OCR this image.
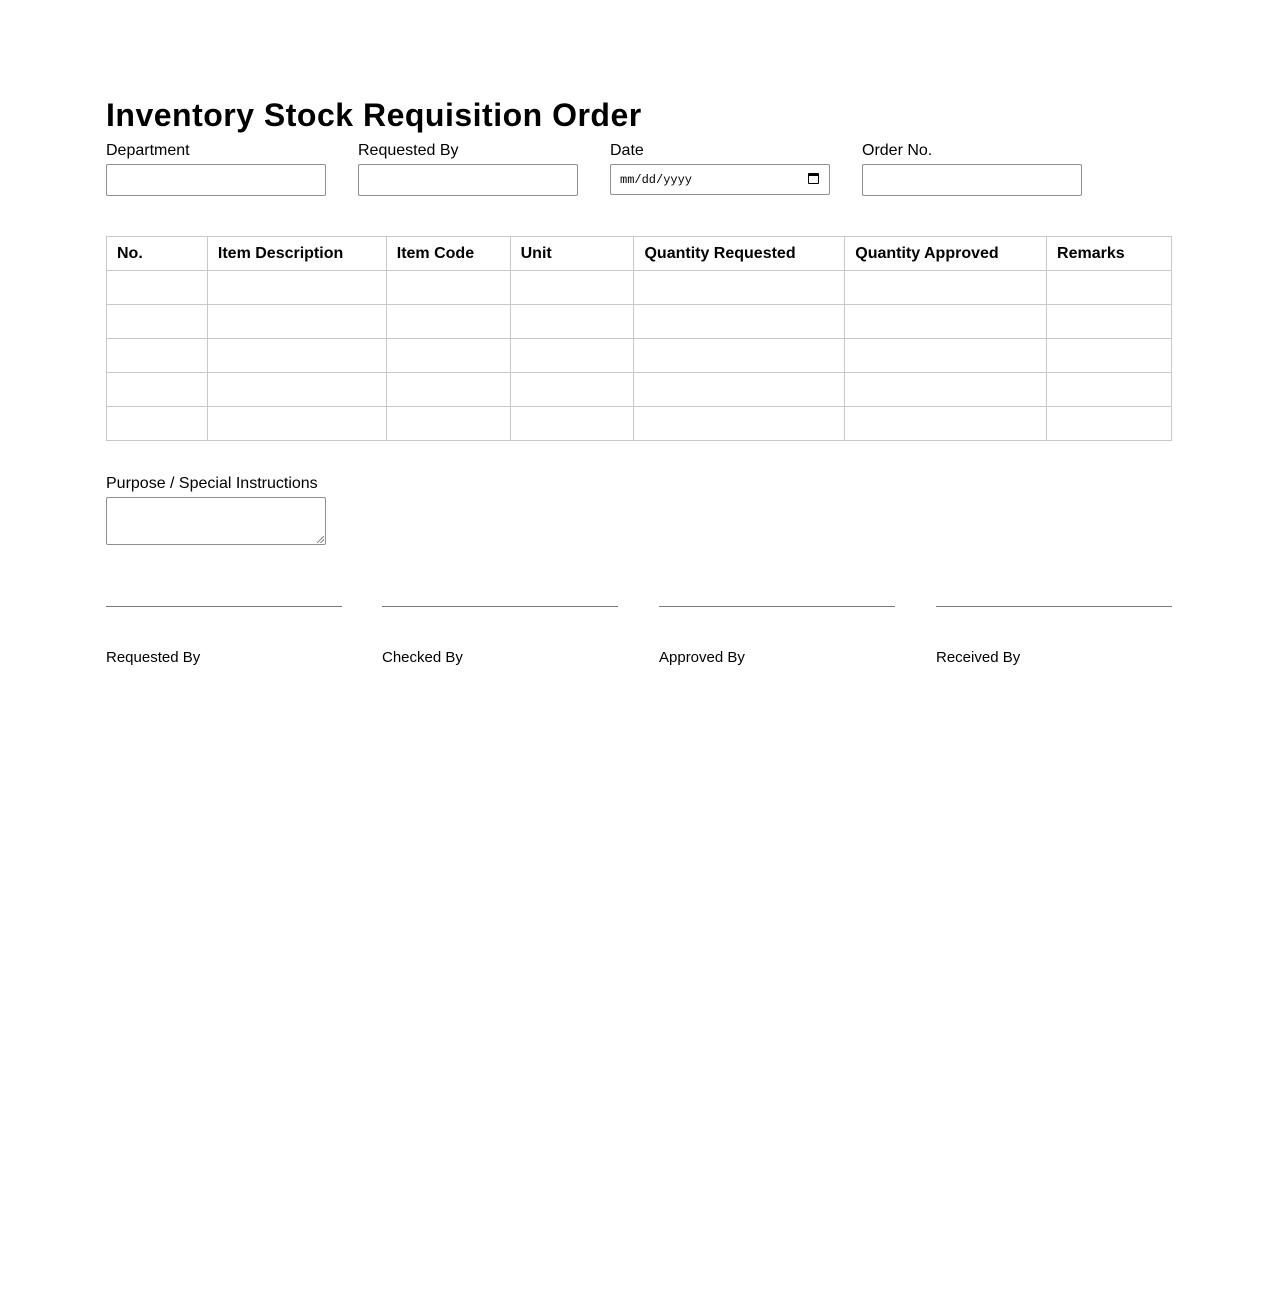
Inventory Stock Requisition Order
Department	Requested By	Date
mm/dd/yyyy
Order No.
No.	Item Description	Item Code	Unit	Quantity Requested	Quantity Approved	Remarks

Purpose / Special Instructions
Requested By	Checked By	Approved By	Received By
